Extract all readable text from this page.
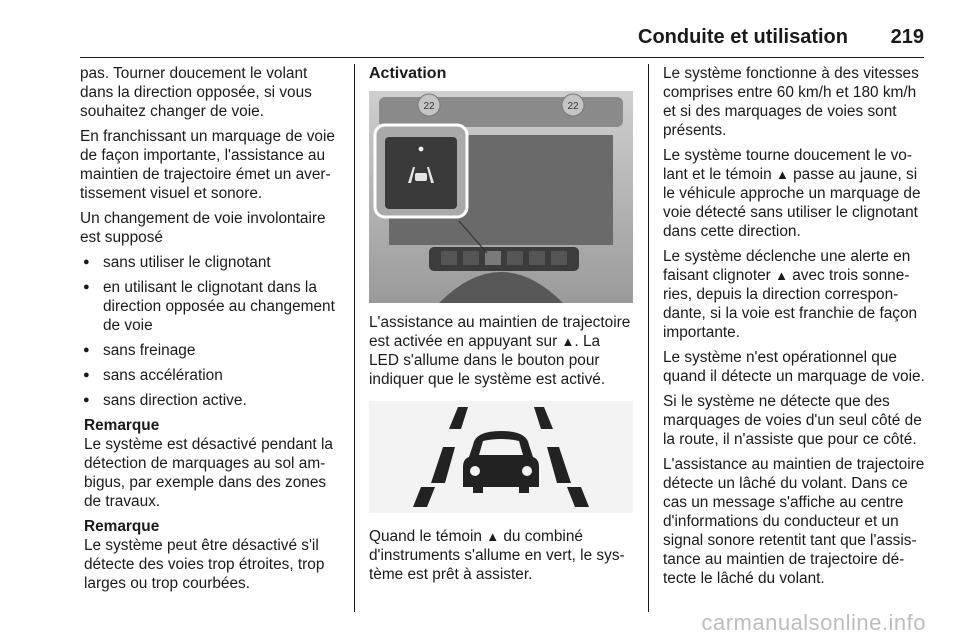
Conduite et utilisation 219

pas. Tourner doucement le volant dans la direction opposée, si vous souhaitez changer de voie.

En franchissant un marquage de voie de façon importante, l'assistance au maintien de trajectoire émet un avertissement visuel et sonore.

Un changement de voie involontaire est supposé

● sans utiliser le clignotant
● en utilisant le clignotant dans la direction opposée au changement de voie
● sans freinage
● sans accélération
● sans direction active.
Remarque
Le système est désactivé pendant la détection de marquages au sol ambigus, par exemple dans des zones de travaux.
Remarque
Le système peut être désactivé s'il détecte des voies trop étroites, trop larges ou trop courbées.
Activation
22	22

L'assistance au maintien de trajectoire est activée en appuyant sur ▲. La LED s'allume dans le bouton pour indiquer que le système est activé.

Quand le témoin ▲ du combiné d'instruments s'allume en vert, le système est prêt à assister.

Le système fonctionne à des vitesses comprises entre 60 km/h et 180 km/h et si des marquages de voies sont présents.

Le système tourne doucement le volant et le témoin ▲ passe au jaune, si le véhicule approche un marquage de voie détecté sans utiliser le clignotant dans cette direction.

Le système déclenche une alerte en faisant clignoter ▲ avec trois sonneries, depuis la direction correspondante, si la voie est franchie de façon importante.

Le système n'est opérationnel que quand il détecte un marquage de voie.

Si le système ne détecte que des marquages de voies d'un seul côté de la route, il n'assiste que pour ce côté.

L'assistance au maintien de trajectoire détecte un lâché du volant. Dans ce cas un message s'affiche au centre d'informations du conducteur et un signal sonore retentit tant que l'assistance au maintien de trajectoire détecte le lâché du volant.

carmanualsonline.info
